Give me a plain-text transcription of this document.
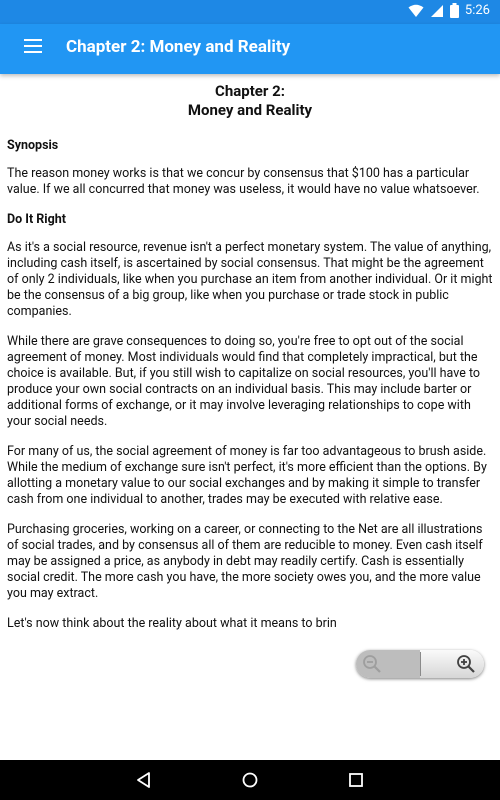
5:26
Chapter 2: Money and Reality
Chapter 2:
Money and Reality

Synopsis

The reason money works is that we concur by consensus that $100 has a particular value. If we all concurred that money was useless, it would have no value whatsoever.

Do It Right

As it's a social resource, revenue isn't a perfect monetary system. The value of anything, including cash itself, is ascertained by social consensus. That might be the agreement of only 2 individuals, like when you purchase an item from another individual. Or it might be the consensus of a big group, like when you purchase or trade stock in public companies.

While there are grave consequences to doing so, you're free to opt out of the social agreement of money. Most individuals would find that completely impractical, but the choice is available. But, if you still wish to capitalize on social resources, you'll have to produce your own social contracts on an individual basis. This may include barter or additional forms of exchange, or it may involve leveraging relationships to cope with your social needs.

For many of us, the social agreement of money is far too advantageous to brush aside. While the medium of exchange sure isn't perfect, it's more efficient than the options. By allotting a monetary value to our social exchanges and by making it simple to transfer cash from one individual to another, trades may be executed with relative ease.

Purchasing groceries, working on a career, or connecting to the Net are all illustrations of social trades, and by consensus all of them are reducible to money. Even cash itself may be assigned a price, as anybody in debt may readily certify. Cash is essentially social credit. The more cash you have, the more society owes you, and the more value you may extract.

Let's now think about the reality about what it means to brin
